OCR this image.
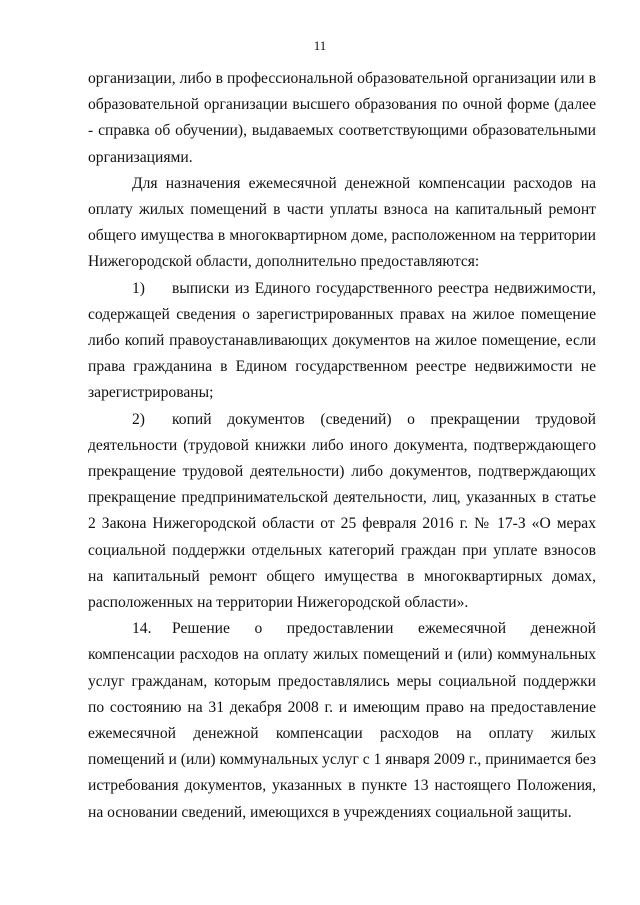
11

организации, либо в профессиональной образовательной организации или в образовательной организации высшего образования по очной форме (далее - справка об обучении), выдаваемых соответствующими образовательными организациями.

Для назначения ежемесячной денежной компенсации расходов на оплату жилых помещений в части уплаты взноса на капитальный ремонт общего имущества в многоквартирном доме, расположенном на территории Нижегородской области, дополнительно предоставляются:

1) выписки из Единого государственного реестра недвижимости, содержащей сведения о зарегистрированных правах на жилое помещение либо копий правоустанавливающих документов на жилое помещение, если права гражданина в Едином государственном реестре недвижимости не зарегистрированы;

2) копий документов (сведений) о прекращении трудовой деятельности (трудовой книжки либо иного документа, подтверждающего прекращение трудовой деятельности) либо документов, подтверждающих прекращение предпринимательской деятельности, лиц, указанных в статье 2 Закона Нижегородской области от 25 февраля 2016 г. № 17-З «О мерах социальной поддержки отдельных категорий граждан при уплате взносов на капитальный ремонт общего имущества в многоквартирных домах, расположенных на территории Нижегородской области».

14. Решение о предоставлении ежемесячной денежной компенсации расходов на оплату жилых помещений и (или) коммунальных услуг гражданам, которым предоставлялись меры социальной поддержки по состоянию на 31 декабря 2008 г. и имеющим право на предоставление ежемесячной денежной компенсации расходов на оплату жилых помещений и (или) коммунальных услуг с 1 января 2009 г., принимается без истребования документов, указанных в пункте 13 настоящего Положения, на основании сведений, имеющихся в учреждениях социальной защиты.
